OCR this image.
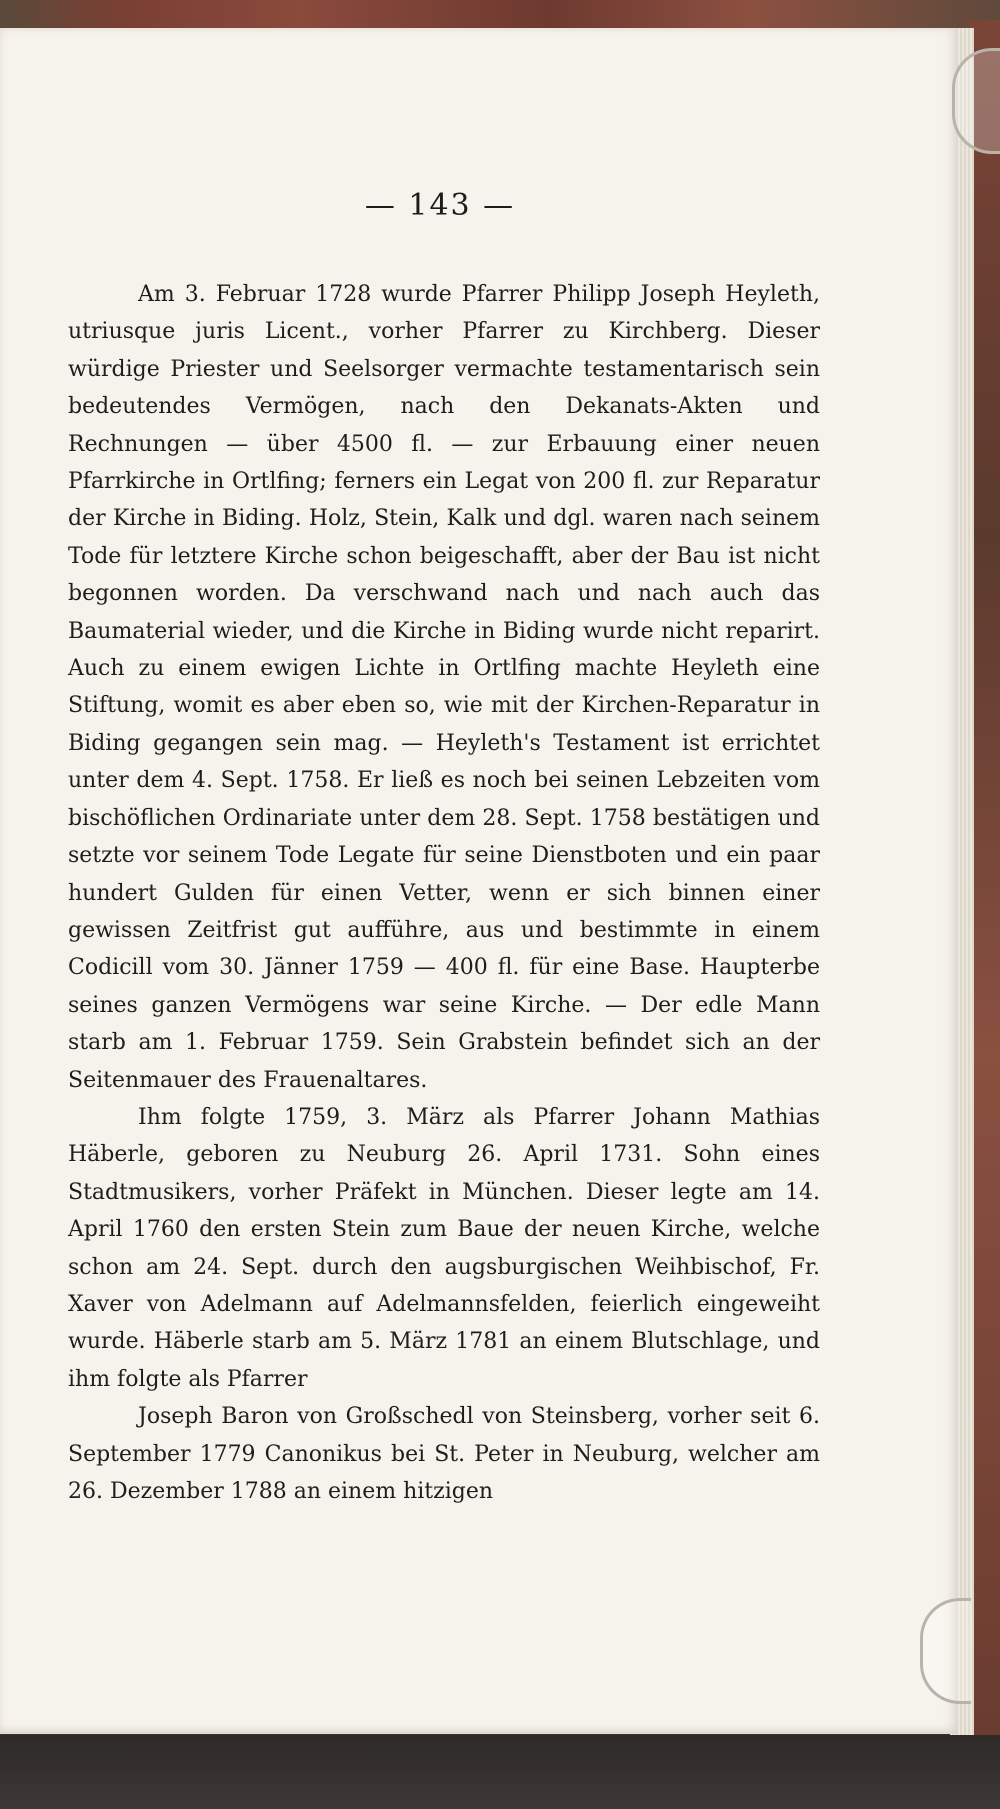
— 143 —

Am 3. Februar 1728 wurde Pfarrer Philipp Joseph Heyleth, utriusque juris Licent., vorher Pfarrer zu Kirchberg. Dieser würdige Priester und Seelsorger vermachte testamentarisch sein bedeutendes Vermögen, nach den Dekanats-Akten und Rechnungen — über 4500 fl. — zur Erbauung einer neuen Pfarrkirche in Ortlfing; ferners ein Legat von 200 fl. zur Reparatur der Kirche in Biding. Holz, Stein, Kalk und dgl. waren nach seinem Tode für letztere Kirche schon beigeschafft, aber der Bau ist nicht begonnen worden. Da verschwand nach und nach auch das Baumaterial wieder, und die Kirche in Biding wurde nicht reparirt. Auch zu einem ewigen Lichte in Ortlfing machte Heyleth eine Stiftung, womit es aber eben so, wie mit der Kirchen-Reparatur in Biding gegangen sein mag. — Heyleth's Testament ist errichtet unter dem 4. Sept. 1758. Er ließ es noch bei seinen Lebzeiten vom bischöflichen Ordinariate unter dem 28. Sept. 1758 bestätigen und setzte vor seinem Tode Legate für seine Dienstboten und ein paar hundert Gulden für einen Vetter, wenn er sich binnen einer gewissen Zeitfrist gut aufführe, aus und bestimmte in einem Codicill vom 30. Jänner 1759 — 400 fl. für eine Base. Haupterbe seines ganzen Vermögens war seine Kirche. — Der edle Mann starb am 1. Februar 1759. Sein Grabstein befindet sich an der Seitenmauer des Frauenaltares.

Ihm folgte 1759, 3. März als Pfarrer Johann Mathias Häberle, geboren zu Neuburg 26. April 1731. Sohn eines Stadtmusikers, vorher Präfekt in München. Dieser legte am 14. April 1760 den ersten Stein zum Baue der neuen Kirche, welche schon am 24. Sept. durch den augsburgischen Weihbischof, Fr. Xaver von Adelmann auf Adelmannsfelden, feierlich eingeweiht wurde. Häberle starb am 5. März 1781 an einem Blutschlage, und ihm folgte als Pfarrer

Joseph Baron von Großschedl von Steinsberg, vorher seit 6. September 1779 Canonikus bei St. Peter in Neuburg, welcher am 26. Dezember 1788 an einem hitzigen
